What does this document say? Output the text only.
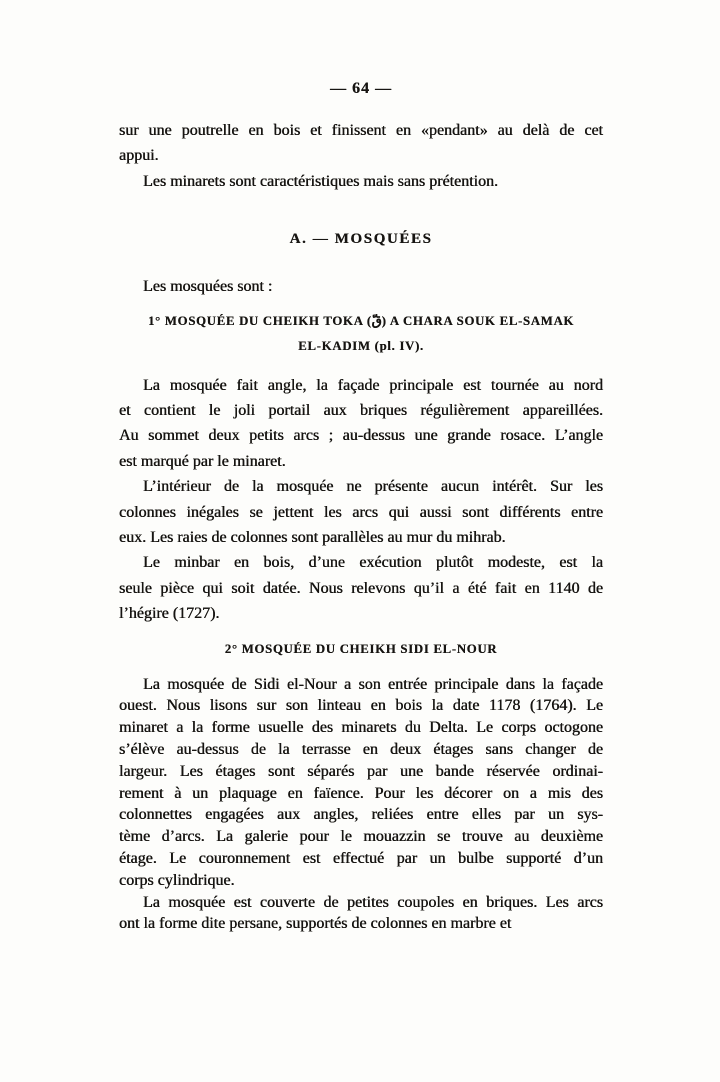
— 64 —
sur une poutrelle en bois et finissent en «pendant» au delà de cet
appui.
Les minarets sont caractéristiques mais sans prétention.
A. — MOSQUÉES
Les mosquées sont :
1° MOSQUÉE DU CHEIKH TOKA (قّ) A CHARA SOUK EL-SAMAK
EL-KADIM (pl. IV).
La mosquée fait angle, la façade principale est tournée au nord
et contient le joli portail aux briques régulièrement appareillées.
Au sommet deux petits arcs ; au-dessus une grande rosace. L’angle
est marqué par le minaret.
L’intérieur de la mosquée ne présente aucun intérêt. Sur les
colonnes inégales se jettent les arcs qui aussi sont différents entre
eux. Les raies de colonnes sont parallèles au mur du mihrab.
Le minbar en bois, d’une exécution plutôt modeste, est la
seule pièce qui soit datée. Nous relevons qu’il a été fait en 1140 de
l’hégire (1727).
2° MOSQUÉE DU CHEIKH SIDI EL-NOUR
La mosquée de Sidi el-Nour a son entrée principale dans la façade
ouest. Nous lisons sur son linteau en bois la date 1178 (1764). Le
minaret a la forme usuelle des minarets du Delta. Le corps octogone
s’élève au-dessus de la terrasse en deux étages sans changer de
largeur. Les étages sont séparés par une bande réservée ordinai-
rement à un plaquage en faïence. Pour les décorer on a mis des
colonnettes engagées aux angles, reliées entre elles par un sys-
tème d’arcs. La galerie pour le mouazzin se trouve au deuxième
étage. Le couronnement est effectué par un bulbe supporté d’un
corps cylindrique.
La mosquée est couverte de petites coupoles en briques. Les arcs
ont la forme dite persane, supportés de colonnes en marbre et
